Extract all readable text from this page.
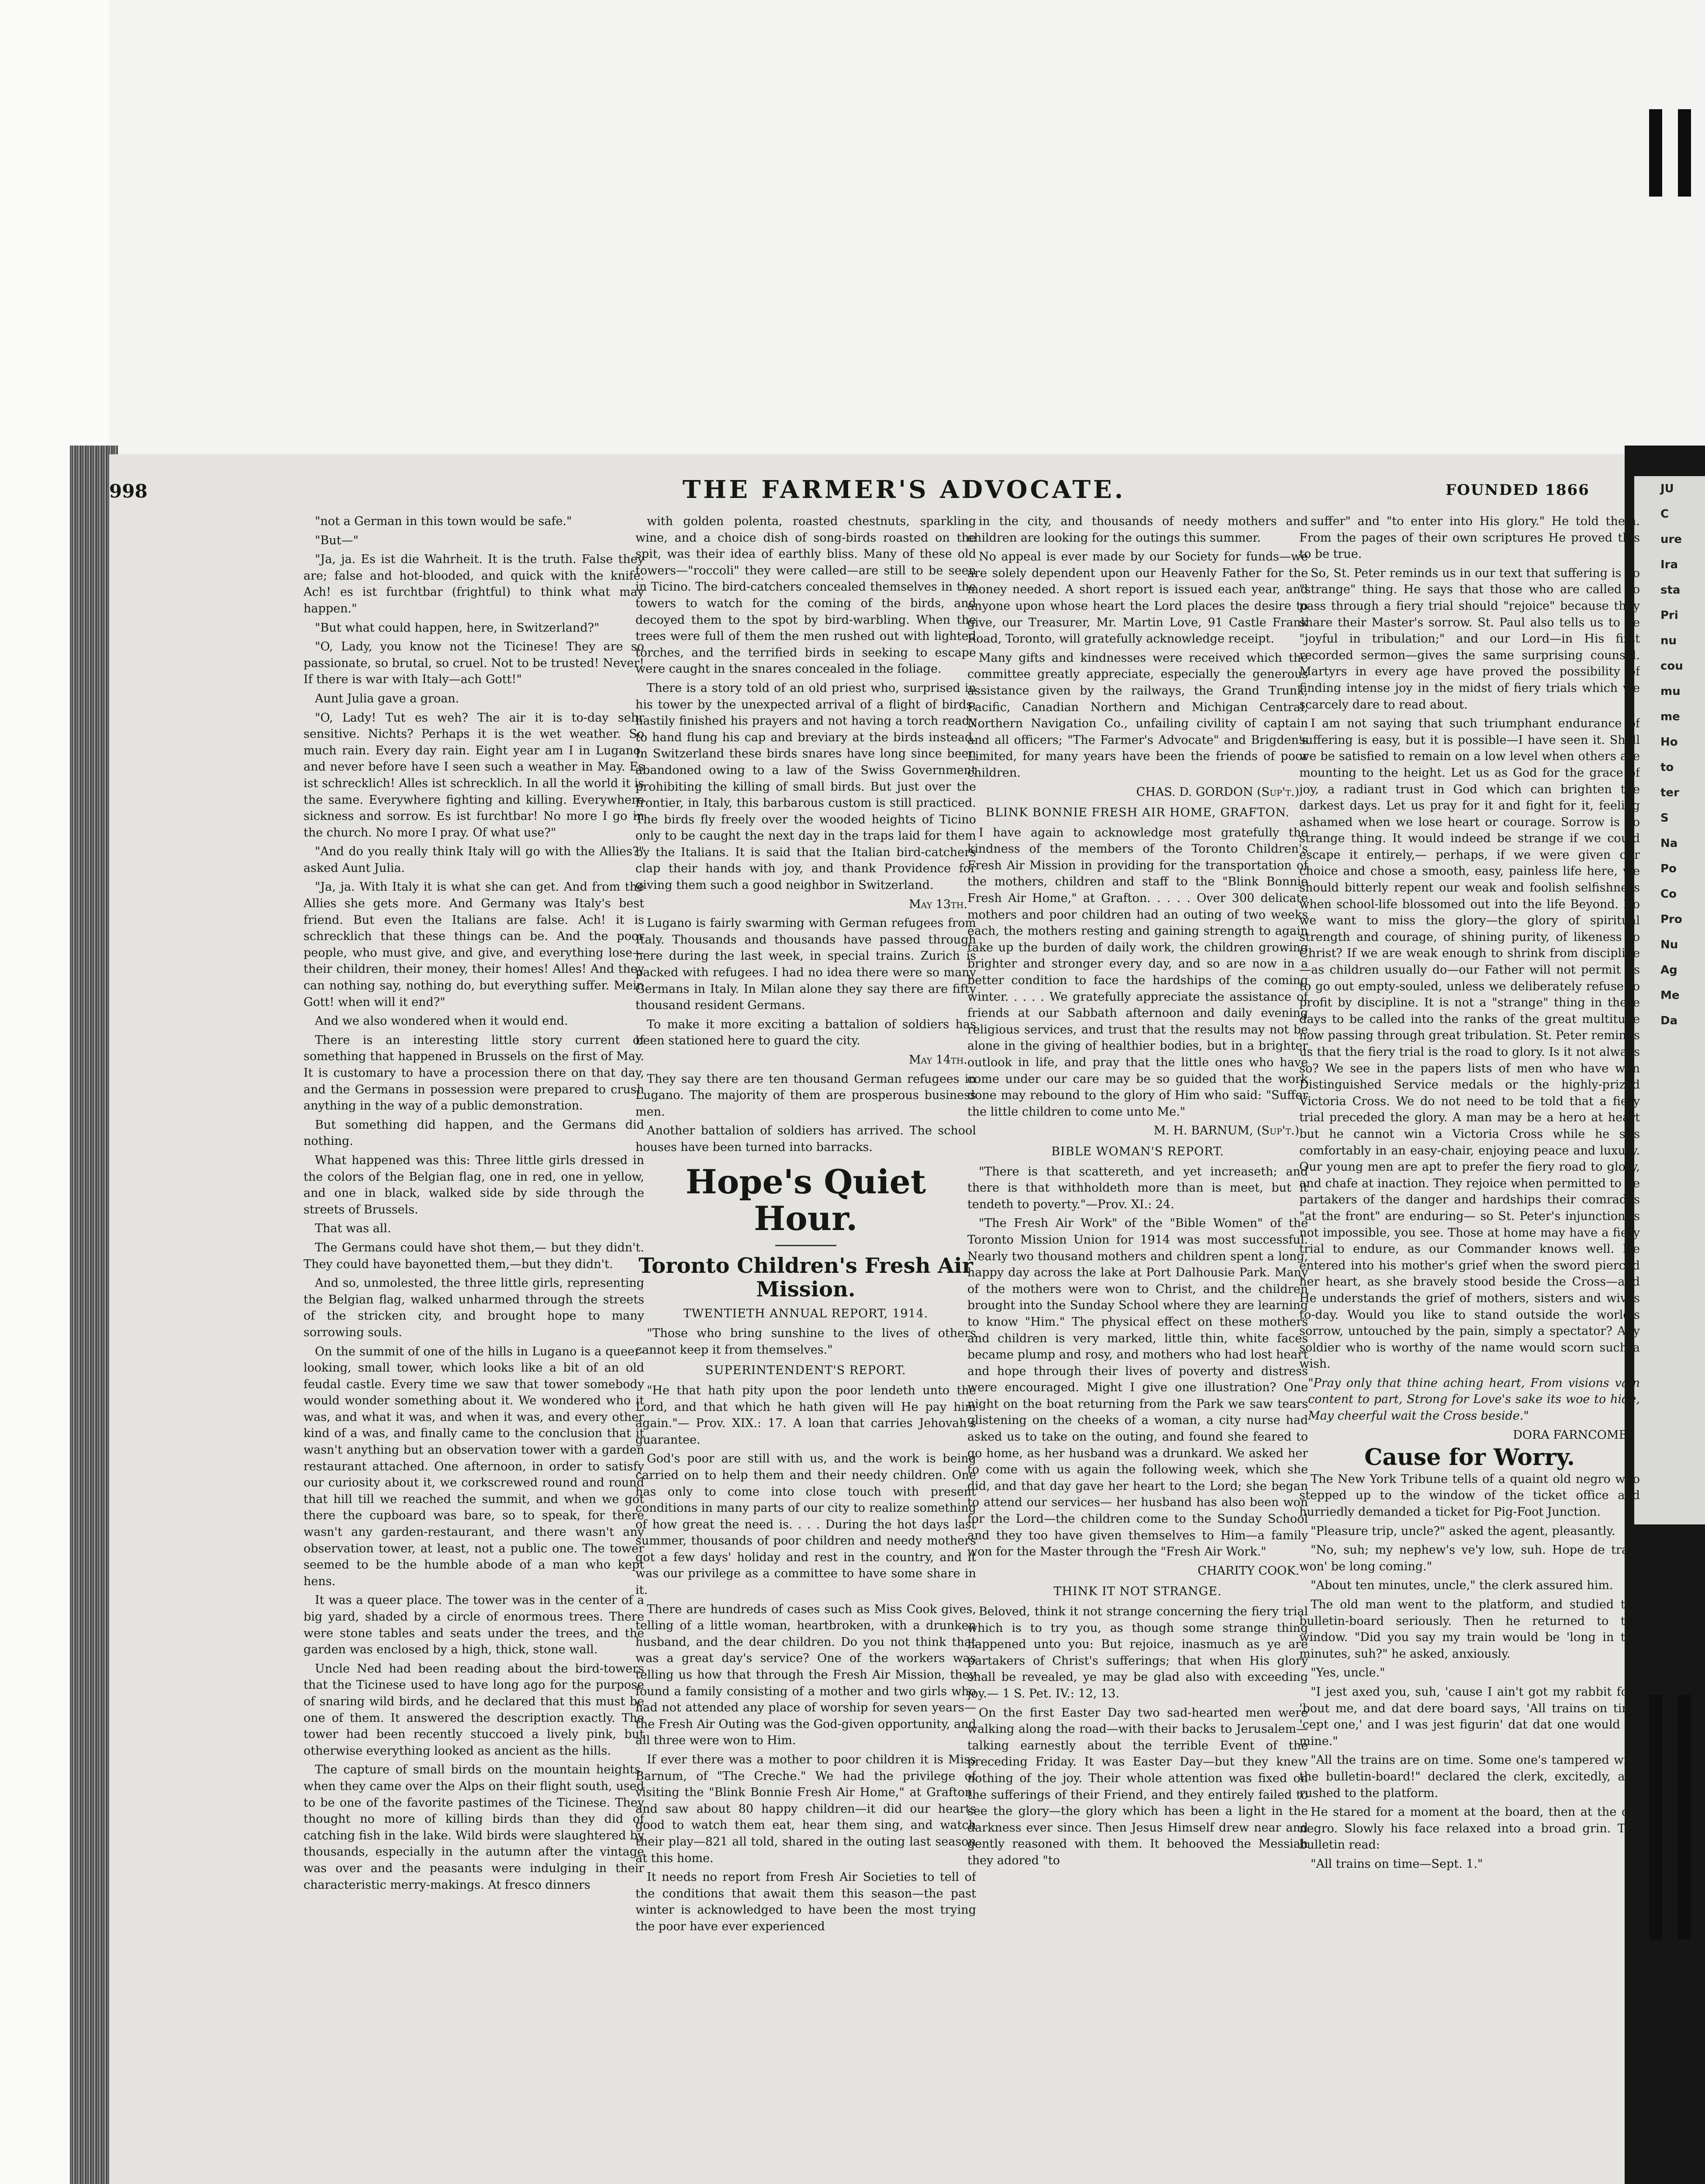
JU
C
ure
Ira
sta
Pri
nu
cou
mu
me
Ho
to
ter
S
Na
Po
Co
Pro
Nu
Ag
Me
Da
998	THE FARMER'S ADVOCATE.	FOUNDED 1866

"not a German in this town would be safe."

"But—"

"Ja, ja. Es ist die Wahrheit. It is the truth. False they are; false and hot-blooded, and quick with the knife. Ach! es ist furchtbar (frightful) to think what may happen."

"But what could happen, here, in Switzerland?"

"O, Lady, you know not the Ticinese! They are so passionate, so brutal, so cruel. Not to be trusted! Never! If there is war with Italy—ach Gott!"

Aunt Julia gave a groan.

"O, Lady! Tut es weh? The air it is to-day sehr sensitive. Nichts? Perhaps it is the wet weather. So much rain. Every day rain. Eight year am I in Lugano, and never before have I seen such a weather in May. Es ist schrecklich! Alles ist schrecklich. In all the world it is the same. Everywhere fighting and killing. Everywhere sickness and sorrow. Es ist furchtbar! No more I go in the church. No more I pray. Of what use?"

"And do you really think Italy will go with the Allies?" asked Aunt Julia.

"Ja, ja. With Italy it is what she can get. And from the Allies she gets more. And Germany was Italy's best friend. But even the Italians are false. Ach! it is schrecklich that these things can be. And the poor people, who must give, and give, and everything lose— their children, their money, their homes! Alles! And they can nothing say, nothing do, but everything suffer. Mein Gott! when will it end?"

And we also wondered when it would end.

There is an interesting little story current of something that happened in Brussels on the first of May. It is customary to have a procession there on that day, and the Germans in possession were prepared to crush anything in the way of a public demonstration.

But something did happen, and the Germans did nothing.

What happened was this: Three little girls dressed in the colors of the Belgian flag, one in red, one in yellow, and one in black, walked side by side through the streets of Brussels.

That was all.

The Germans could have shot them,— but they didn't. They could have bayonetted them,—but they didn't.

And so, unmolested, the three little girls, representing the Belgian flag, walked unharmed through the streets of the stricken city, and brought hope to many sorrowing souls.

On the summit of one of the hills in Lugano is a queer-looking, small tower, which looks like a bit of an old feudal castle. Every time we saw that tower somebody would wonder something about it. We wondered who it was, and what it was, and when it was, and every other kind of a was, and finally came to the conclusion that it wasn't anything but an observation tower with a garden restaurant attached. One afternoon, in order to satisfy our curiosity about it, we corkscrewed round and round that hill till we reached the summit, and when we got there the cupboard was bare, so to speak, for there wasn't any garden-restaurant, and there wasn't any observation tower, at least, not a public one. The tower seemed to be the humble abode of a man who kept hens.

It was a queer place. The tower was in the center of a big yard, shaded by a circle of enormous trees. There were stone tables and seats under the trees, and the garden was enclosed by a high, thick, stone wall.

Uncle Ned had been reading about the bird-towers that the Ticinese used to have long ago for the purpose of snaring wild birds, and he declared that this must be one of them. It answered the description exactly. The tower had been recently stuccoed a lively pink, but otherwise everything looked as ancient as the hills.

The capture of small birds on the mountain heights, when they came over the Alps on their flight south, used to be one of the favorite pastimes of the Ticinese. They thought no more of killing birds than they did of catching fish in the lake. Wild birds were slaughtered by thousands, especially in the autumn after the vintage was over and the peasants were indulging in their characteristic merry-makings. At fresco dinners

with golden polenta, roasted chestnuts, sparkling wine, and a choice dish of song-birds roasted on the spit, was their idea of earthly bliss. Many of these old towers—"roccoli" they were called—are still to be seen in Ticino. The bird-catchers concealed themselves in the towers to watch for the coming of the birds, and decoyed them to the spot by bird-warbling. When the trees were full of them the men rushed out with lighted torches, and the terrified birds in seeking to escape were caught in the snares concealed in the foliage.

There is a story told of an old priest who, surprised in his tower by the unexpected arrival of a flight of birds, hastily finished his prayers and not having a torch ready to hand flung his cap and breviary at the birds instead. In Switzerland these birds snares have long since been abandoned owing to a law of the Swiss Government prohibiting the killing of small birds. But just over the frontier, in Italy, this barbarous custom is still practiced. The birds fly freely over the wooded heights of Ticino only to be caught the next day in the traps laid for them by the Italians. It is said that the Italian bird-catchers clap their hands with joy, and thank Providence for giving them such a good neighbor in Switzerland.

May 13th.

Lugano is fairly swarming with German refugees from Italy. Thousands and thousands have passed through here during the last week, in special trains. Zurich is packed with refugees. I had no idea there were so many Germans in Italy. In Milan alone they say there are fifty thousand resident Germans.

To make it more exciting a battalion of soldiers has been stationed here to guard the city.

May 14th.

They say there are ten thousand German refugees in Lugano. The majority of them are prosperous business men.

Another battalion of soldiers has arrived. The school houses have been turned into barracks.

Hope's Quiet Hour.
Toronto Children's Fresh Air Mission.

TWENTIETH ANNUAL REPORT, 1914.

"Those who bring sunshine to the lives of others cannot keep it from themselves."

SUPERINTENDENT'S REPORT.

"He that hath pity upon the poor lendeth unto the Lord, and that which he hath given will He pay him again."— Prov. XIX.: 17. A loan that carries Jehovah's guarantee.

God's poor are still with us, and the work is being carried on to help them and their needy children. One has only to come into close touch with present conditions in many parts of our city to realize something of how great the need is. . . . During the hot days last summer, thousands of poor children and needy mothers got a few days' holiday and rest in the country, and it was our privilege as a committee to have some share in it.

There are hundreds of cases such as Miss Cook gives, telling of a little woman, heartbroken, with a drunken husband, and the dear children. Do you not think that was a great day's service? One of the workers was telling us how that through the Fresh Air Mission, they found a family consisting of a mother and two girls who had not attended any place of worship for seven years—the Fresh Air Outing was the God-given opportunity, and all three were won to Him.

If ever there was a mother to poor children it is Miss Barnum, of "The Creche." We had the privilege of visiting the "Blink Bonnie Fresh Air Home," at Grafton, and saw about 80 happy children—it did our hearts good to watch them eat, hear them sing, and watch their play—821 all told, shared in the outing last season at this home.

It needs no report from Fresh Air Societies to tell of the conditions that await them this season—the past winter is acknowledged to have been the most trying the poor have ever experienced

in the city, and thousands of needy mothers and children are looking for the outings this summer.

No appeal is ever made by our Society for funds—we are solely dependent upon our Heavenly Father for the money needed. A short report is issued each year, and anyone upon whose heart the Lord places the desire to give, our Treasurer, Mr. Martin Love, 91 Castle Frank Road, Toronto, will gratefully acknowledge receipt.

Many gifts and kindnesses were received which the committee greatly appreciate, especially the generous assistance given by the railways, the Grand Trunk, Pacific, Canadian Northern and Michigan Central, Northern Navigation Co., unfailing civility of captain and all officers; "The Farmer's Advocate" and Brigden's Limited, for many years have been the friends of poor children.

CHAS. D. GORDON (Sup't.)

BLINK BONNIE FRESH AIR HOME, GRAFTON.

I have again to acknowledge most gratefully the kindness of the members of the Toronto Children's Fresh Air Mission in providing for the transportation of the mothers, children and staff to the "Blink Bonnie Fresh Air Home," at Grafton. . . . . Over 300 delicate mothers and poor children had an outing of two weeks each, the mothers resting and gaining strength to again take up the burden of daily work, the children growing brighter and stronger every day, and so are now in a better condition to face the hardships of the coming winter. . . . . We gratefully appreciate the assistance of friends at our Sabbath afternoon and daily evening religious services, and trust that the results may not be alone in the giving of healthier bodies, but in a brighter outlook in life, and pray that the little ones who have come under our care may be so guided that the work done may rebound to the glory of Him who said: "Suffer the little children to come unto Me."

M. H. BARNUM, (Sup't.)

BIBLE WOMAN'S REPORT.

"There is that scattereth, and yet increaseth; and there is that withholdeth more than is meet, but it tendeth to poverty."—Prov. XI.: 24.

"The Fresh Air Work" of the "Bible Women" of the Toronto Mission Union for 1914 was most successful. Nearly two thousand mothers and children spent a long, happy day across the lake at Port Dalhousie Park. Many of the mothers were won to Christ, and the children brought into the Sunday School where they are learning to know "Him." The physical effect on these mothers and children is very marked, little thin, white faces became plump and rosy, and mothers who had lost heart and hope through their lives of poverty and distress were encouraged. Might I give one illustration? One night on the boat returning from the Park we saw tears glistening on the cheeks of a woman, a city nurse had asked us to take on the outing, and found she feared to go home, as her husband was a drunkard. We asked her to come with us again the following week, which she did, and that day gave her heart to the Lord; she began to attend our services— her husband has also been won for the Lord—the children come to the Sunday School and they too have given themselves to Him—a family won for the Master through the "Fresh Air Work."

CHARITY COOK.

THINK IT NOT STRANGE.

Beloved, think it not strange concerning the fiery trial which is to try you, as though some strange thing happened unto you: But rejoice, inasmuch as ye are partakers of Christ's sufferings; that when His glory shall be revealed, ye may be glad also with exceeding joy.— 1 S. Pet. IV.: 12, 13.

On the first Easter Day two sad-hearted men were walking along the road—with their backs to Jerusalem— talking earnestly about the terrible Event of the preceding Friday. It was Easter Day—but they knew nothing of the joy. Their whole attention was fixed on the sufferings of their Friend, and they entirely failed to see the glory—the glory which has been a light in the darkness ever since. Then Jesus Himself drew near and gently reasoned with them. It behooved the Messiah they adored "to

suffer" and "to enter into His glory." He told them. From the pages of their own scriptures He proved this to be true.

So, St. Peter reminds us in our text that suffering is no "strange" thing. He says that those who are called to pass through a fiery trial should "rejoice" because they share their Master's sorrow. St. Paul also tells us to be "joyful in tribulation;" and our Lord—in His first recorded sermon—gives the same surprising counsel. Martyrs in every age have proved the possibility of finding intense joy in the midst of fiery trials which we scarcely dare to read about.

I am not saying that such triumphant endurance of suffering is easy, but it is possible—I have seen it. Shall we be satisfied to remain on a low level when others are mounting to the height. Let us as God for the grace of joy, a radiant trust in God which can brighten the darkest days. Let us pray for it and fight for it, feeling ashamed when we lose heart or courage. Sorrow is no strange thing. It would indeed be strange if we could escape it entirely,— perhaps, if we were given our choice and chose a smooth, easy, painless life here, we should bitterly repent our weak and foolish selfishness when school-life blossomed out into the life Beyond. Do we want to miss the glory—the glory of spiritual strength and courage, of shining purity, of likeness to Christ? If we are weak enough to shrink from discipline—as children usually do—our Father will not permit us to go out empty-souled, unless we deliberately refuse to profit by discipline. It is not a "strange" thing in these days to be called into the ranks of the great multitude now passing through great tribulation. St. Peter reminds us that the fiery trial is the road to glory. Is it not always so? We see in the papers lists of men who have won Distinguished Service medals or the highly-prized Victoria Cross. We do not need to be told that a fiery trial preceded the glory. A man may be a hero at heart but he cannot win a Victoria Cross while he sits comfortably in an easy-chair, enjoying peace and luxury. Our young men are apt to prefer the fiery road to glory, and chafe at inaction. They rejoice when permitted to be partakers of the danger and hardships their comrades "at the front" are enduring— so St. Peter's injunction is not impossible, you see. Those at home may have a fiery trial to endure, as our Commander knows well. He entered into his mother's grief when the sword pierced her heart, as she bravely stood beside the Cross—and He understands the grief of mothers, sisters and wives to-day. Would you like to stand outside the world's sorrow, untouched by the pain, simply a spectator? Any soldier who is worthy of the name would scorn such a wish.

"Pray only that thine aching heart, From visions vain content to part, Strong for Love's sake its woe to hide, May cheerful wait the Cross beside."

DORA FARNCOMB.

Cause for Worry.

The New York Tribune tells of a quaint old negro who stepped up to the window of the ticket office and hurriedly demanded a ticket for Pig-Foot Junction.

"Pleasure trip, uncle?" asked the agent, pleasantly.

"No, suh; my nephew's ve'y low, suh. Hope de train won' be long coming."

"About ten minutes, uncle," the clerk assured him.

The old man went to the platform, and studied the bulletin-board seriously. Then he returned to the window. "Did you say my train would be 'long in ten minutes, suh?" he asked, anxiously.

"Yes, uncle."

"I jest axed you, suh, 'cause I ain't got my rabbit foot 'bout me, and dat dere board says, 'All trains on time 'cept one,' and I was jest figurin' dat dat one would be mine."

"All the trains are on time. Some one's tampered with the bulletin-board!" declared the clerk, excitedly, and rushed to the platform.

He stared for a moment at the board, then at the old negro. Slowly his face relaxed into a broad grin. The bulletin read:

"All trains on time—Sept. 1."
